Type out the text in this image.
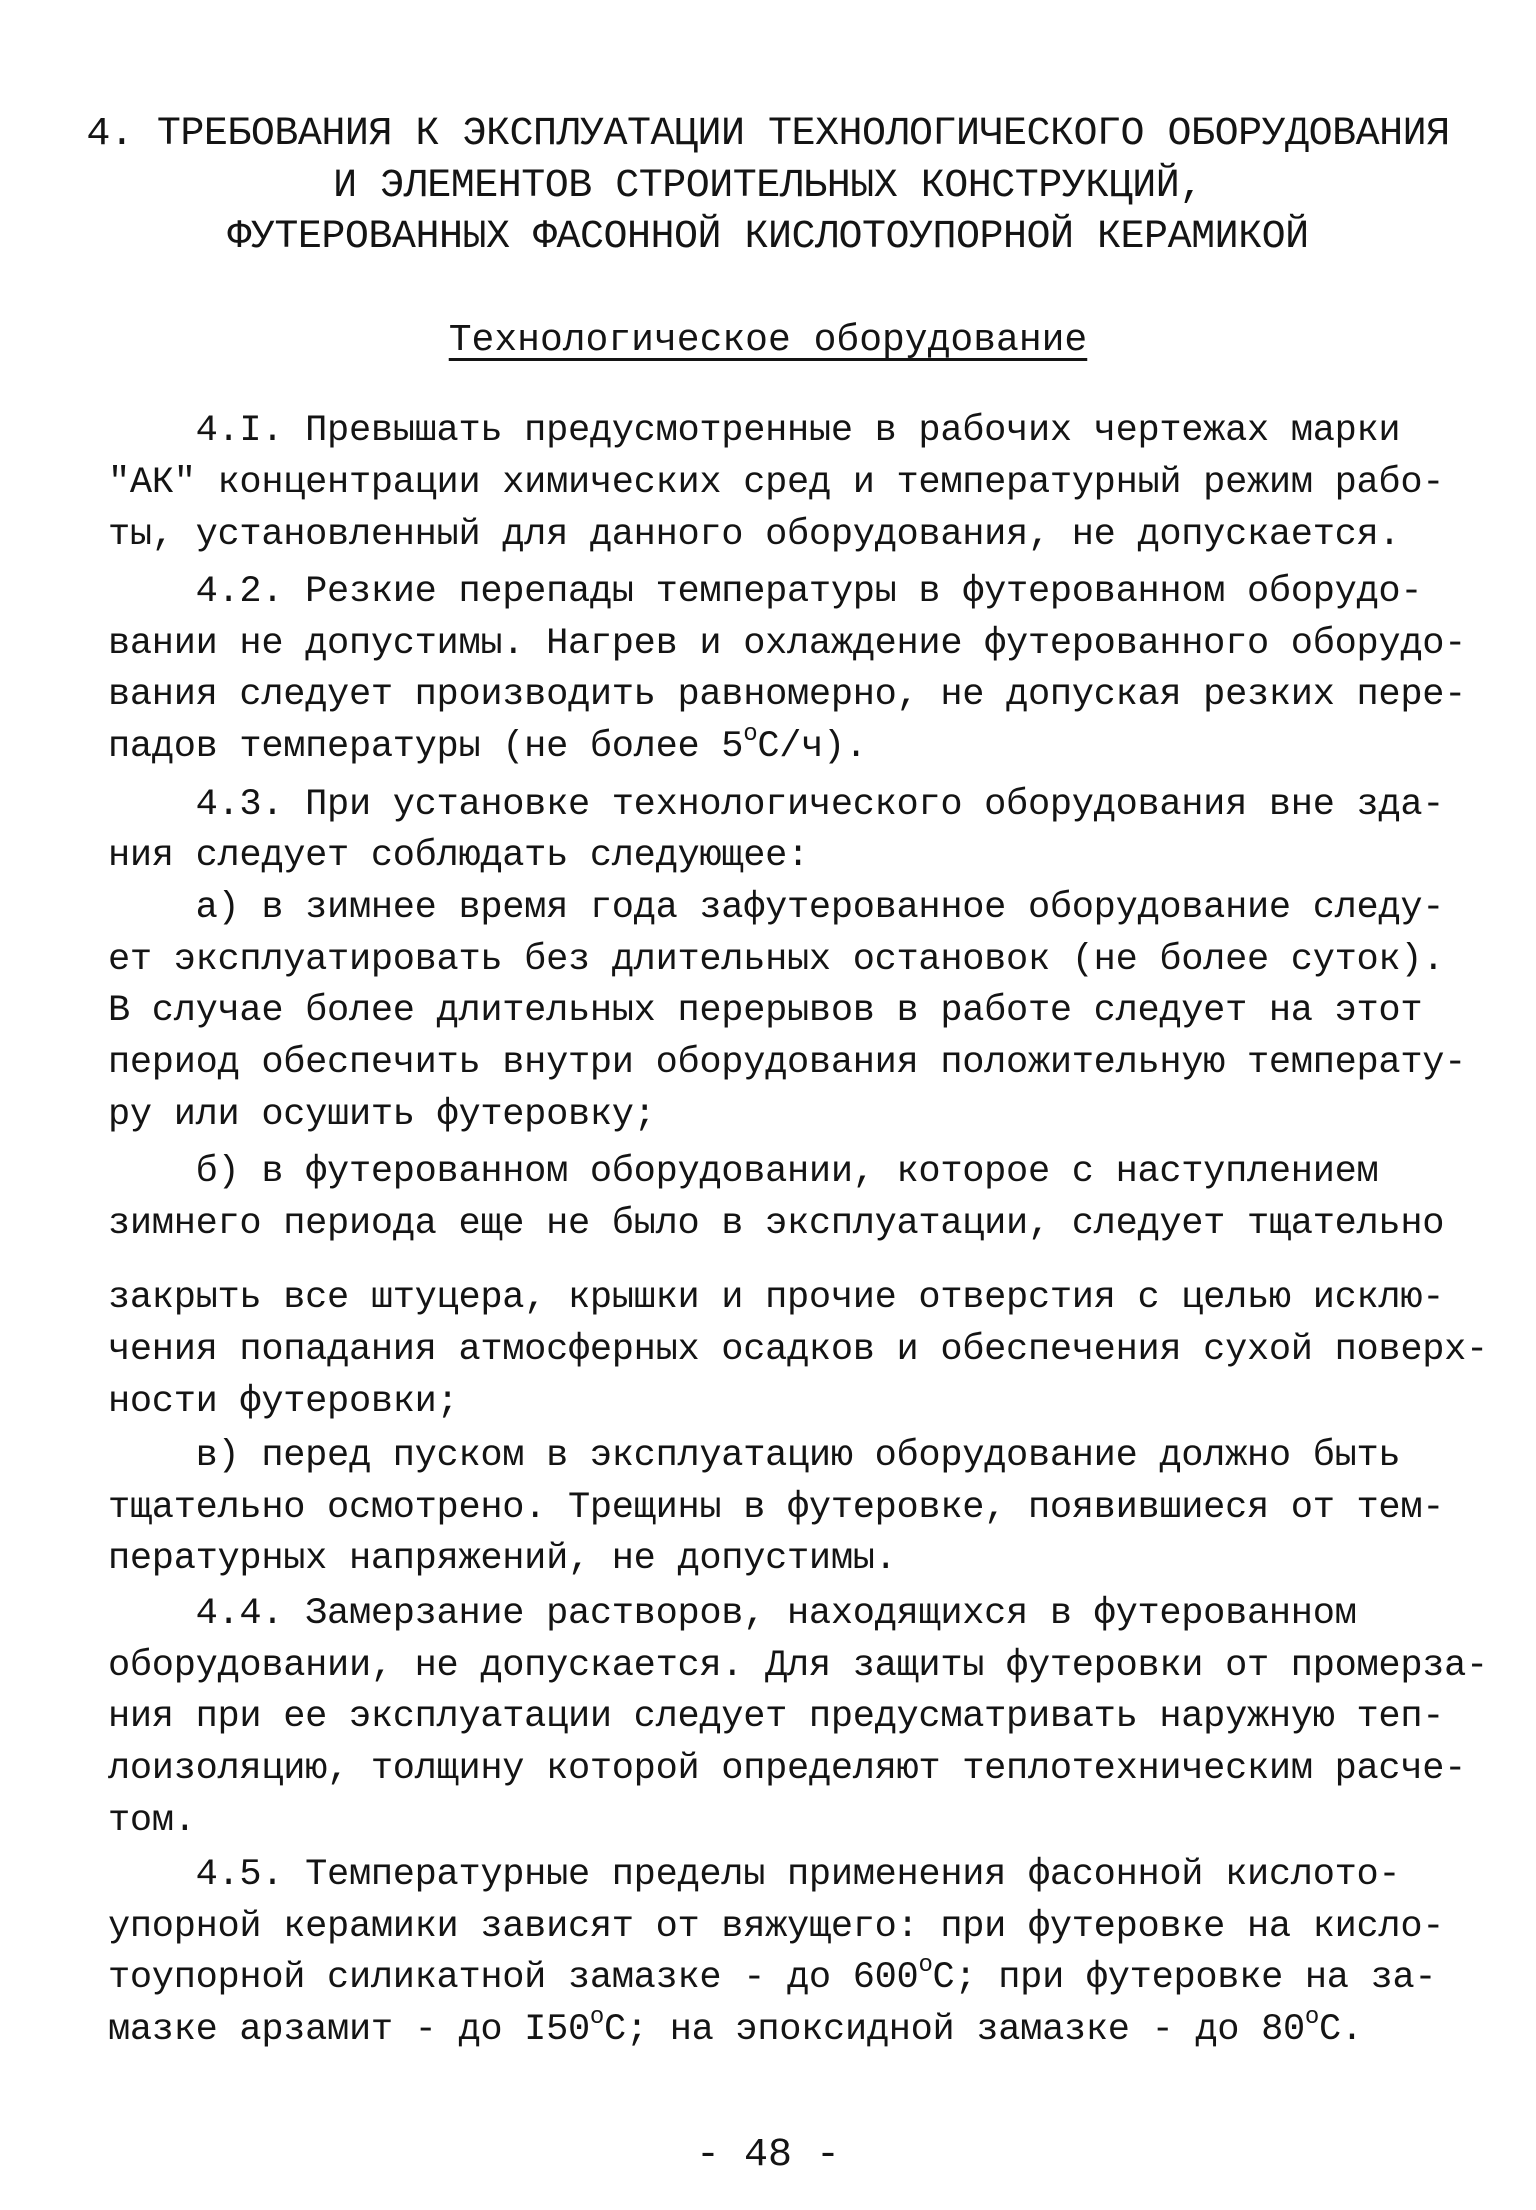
4. ТРЕБОВАНИЯ К ЭКСПЛУАТАЦИИ ТЕХНОЛОГИЧЕСКОГО ОБОРУДОВАНИЯ
И ЭЛЕМЕНТОВ СТРОИТЕЛЬНЫХ КОНСТРУКЦИЙ,
ФУТЕРОВАННЫХ ФАСОННОЙ КИСЛОТОУПОРНОЙ КЕРАМИКОЙ
Технологическое оборудование
4.I. Превышать предусмотренные в рабочих чертежах марки
"АК" концентрации химических сред и температурный режим рабо-
ты, установленный для данного оборудования, не допускается.
4.2. Резкие перепады температуры в футерованном оборудо-
вании не допустимы. Нагрев и охлаждение футерованного оборудо-
вания следует производить равномерно, не допуская резких пере-
падов температуры (не более $5^оС/ч$).
4.3. При установке технологического оборудования вне зда-
ния следует соблюдать следующее:
а) в зимнее время года зафутерованное оборудование следу-
ет эксплуатировать без длительных остановок (не более суток).
В случае более длительных перерывов в работе следует на этот
период обеспечить внутри оборудования положительную температу-
ру или осушить футеровку;
б) в футерованном оборудовании, которое с наступлением
зимнего периода еще не было в эксплуатации, следует тщательно
закрыть все штуцера, крышки и прочие отверстия с целью исклю-
чения попадания атмосферных осадков и обеспечения сухой поверх-
ности футеровки;
в) перед пуском в эксплуатацию оборудование должно быть
тщательно осмотрено. Трещины в футеровке, появившиеся от тем-
пературных напряжений, не допустимы.
4.4. Замерзание растворов, находящихся в футерованном
оборудовании, не допускается. Для защиты футеровки от промерза-
ния при ее эксплуатации следует предусматривать наружную теп-
лоизоляцию, толщину которой определяют теплотехническим расче-
том.
4.5. Температурные пределы применения фасонной кислото-
упорной керамики зависят от вяжущего: при футеровке на кисло-
тоупорной силикатной замазке - до $600^оС$; при футеровке на за-
мазке арзамит - до $I50^оС$; на эпоксидной замазке - до $80^оС$.
- 48 -
